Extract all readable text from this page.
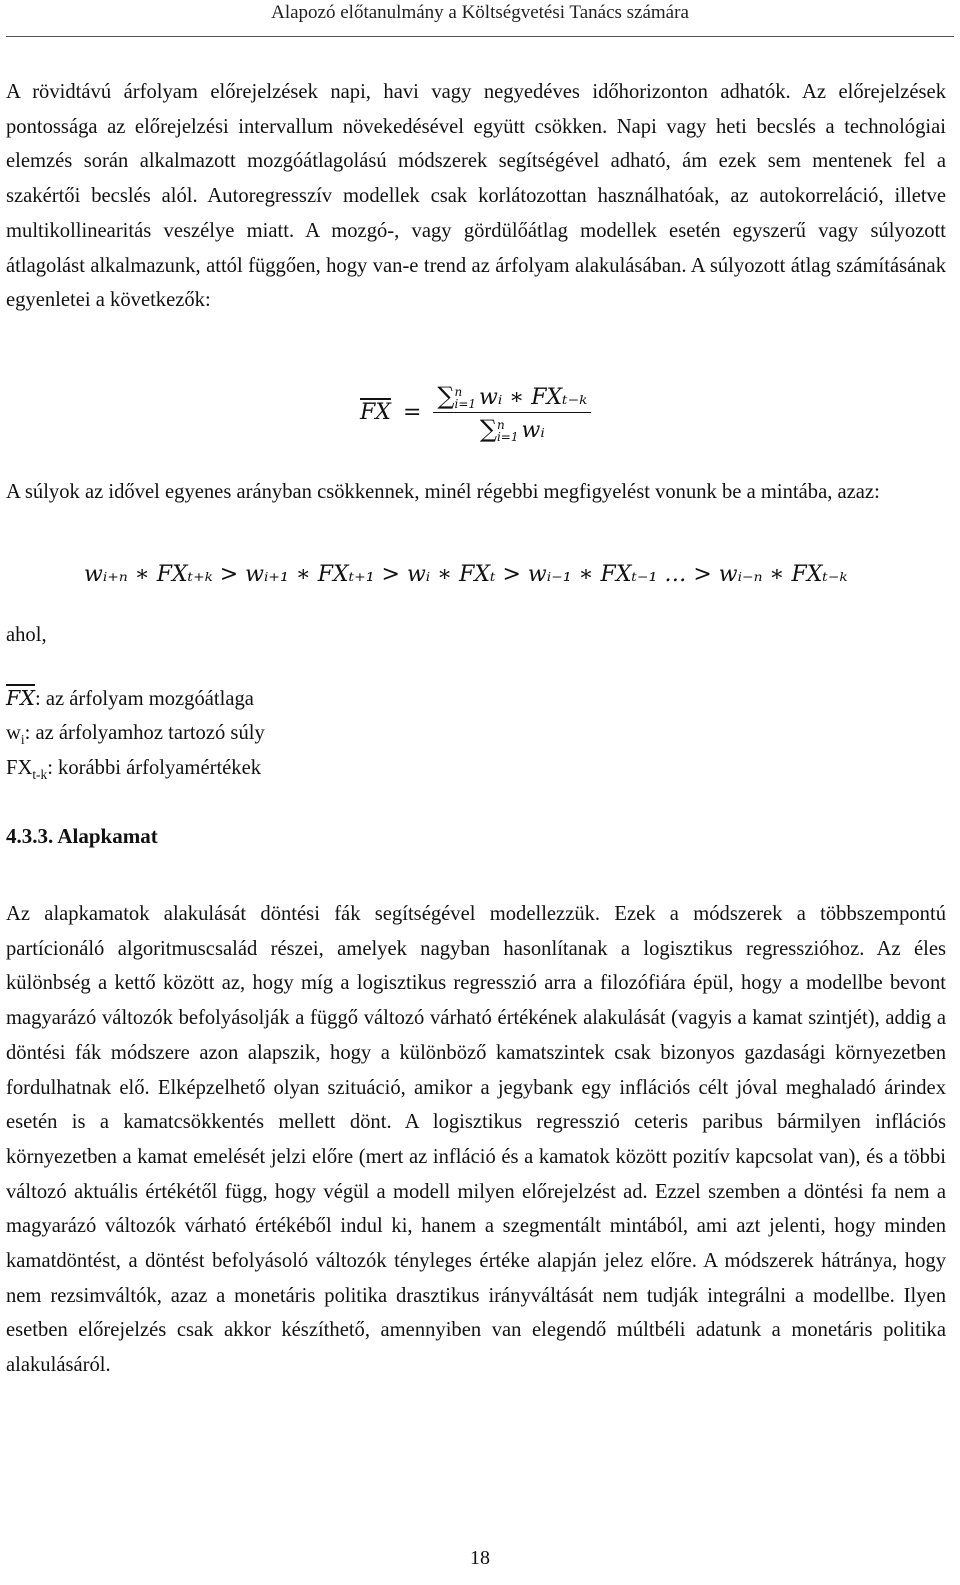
Alapozó előtanulmány a Költségvetési Tanács számára

A rövidtávú árfolyam előrejelzések napi, havi vagy negyedéves időhorizonton adhatók. Az előrejelzések pontossága az előrejelzési intervallum növekedésével együtt csökken. Napi vagy heti becslés a technológiai elemzés során alkalmazott mozgóátlagolású módszerek segítségével adható, ám ezek sem mentenek fel a szakértői becslés alól. Autoregresszív modellek csak korlátozottan használhatóak, az autokorreláció, illetve multikollinearitás veszélye miatt. A mozgó-, vagy gördülőátlag modellek esetén egyszerű vagy súlyozott átlagolást alkalmazunk, attól függően, hogy van-e trend az árfolyam alakulásában. A súlyozott átlag számításának egyenletei a következők:

$\overline{FX}$ = ∑ n
i=1 wᵢ ∗ FXₜ₋ₖ
∑ n
i=1 wᵢ

A súlyok az idővel egyenes arányban csökkennek, minél régebbi megfigyelést vonunk be a mintába, azaz:

wᵢ₊ₙ ∗ FXₜ₊ₖ > wᵢ₊₁ ∗ FXₜ₊₁ > wᵢ ∗ FXₜ > wᵢ₋₁ ∗ FXₜ₋₁ … > wᵢ₋ₙ ∗ FXₜ₋ₖ
ahol,
$\overline{FX}$: az árfolyam mozgóátlaga
$w_i$: az árfolyamhoz tartozó súly
$FX_{t-k}$: korábbi árfolyamértékek
4.3.3. Alapkamat

Az alapkamatok alakulását döntési fák segítségével modellezzük. Ezek a módszerek a többszempontú partícionáló algoritmuscsalád részei, amelyek nagyban hasonlítanak a logisztikus regresszióhoz. Az éles különbség a kettő között az, hogy míg a logisztikus regresszió arra a filozófiára épül, hogy a modellbe bevont magyarázó változók befolyásolják a függő változó várható értékének alakulását (vagyis a kamat szintjét), addig a döntési fák módszere azon alapszik, hogy a különböző kamatszintek csak bizonyos gazdasági környezetben fordulhatnak elő. Elképzelhető olyan szituáció, amikor a jegybank egy inflációs célt jóval meghaladó árindex esetén is a kamatcsökkentés mellett dönt. A logisztikus regresszió ceteris paribus bármilyen inflációs környezetben a kamat emelését jelzi előre (mert az infláció és a kamatok között pozitív kapcsolat van), és a többi változó aktuális értékétől függ, hogy végül a modell milyen előrejelzést ad. Ezzel szemben a döntési fa nem a magyarázó változók várható értékéből indul ki, hanem a szegmentált mintából, ami azt jelenti, hogy minden kamatdöntést, a döntést befolyásoló változók tényleges értéke alapján jelez előre. A módszerek hátránya, hogy nem rezsimváltók, azaz a monetáris politika drasztikus irányváltását nem tudják integrálni a modellbe. Ilyen esetben előrejelzés csak akkor készíthető, amennyiben van elegendő múltbéli adatunk a monetáris politika alakulásáról.

18
